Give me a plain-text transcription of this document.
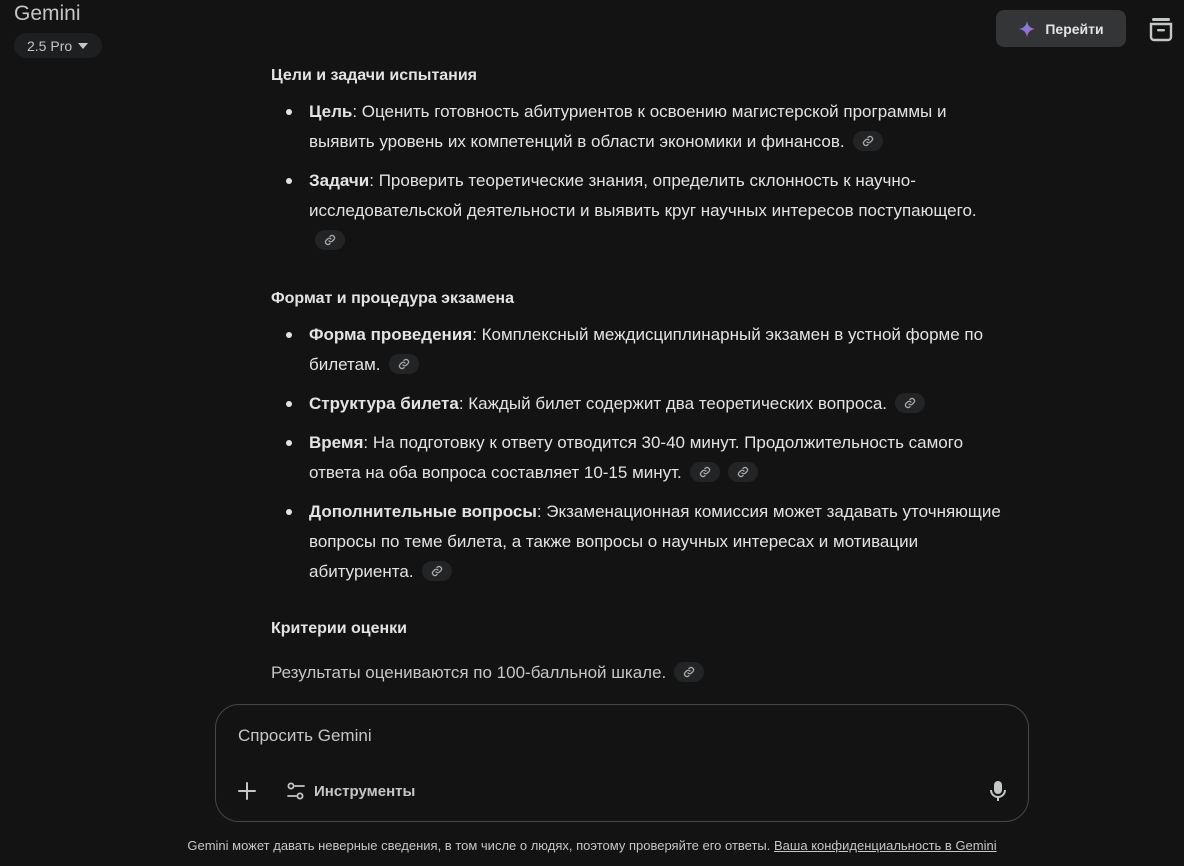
Gemini
2.5 Pro
Перейти
Цели и задачи испытания
Цель: Оценить готовность абитуриентов к освоению магистерской программы и выявить уровень их компетенций в области экономики и финансов.
Задачи: Проверить теоретические знания, определить склонность к научно-исследовательской деятельности и выявить круг научных интересов поступающего.

Формат и процедура экзамена
Форма проведения: Комплексный междисциплинарный экзамен в устной форме по билетам.
Структура билета: Каждый билет содержит два теоретических вопроса.
Время: На подготовку к ответу отводится 30-40 минут. Продолжительность самого ответа на оба вопроса составляет 10-15 минут.
Дополнительные вопросы: Экзаменационная комиссия может задавать уточняющие вопросы по теме билета, а также вопросы о научных интересах и мотивации абитуриента.
Критерии оценки
Результаты оцениваются по 100-балльной шкале.
Спросить Gemini
Инструменты
Gemini может давать неверные сведения, в том числе о людях, поэтому проверяйте его ответы. Ваша конфиденциальность в Gemini
